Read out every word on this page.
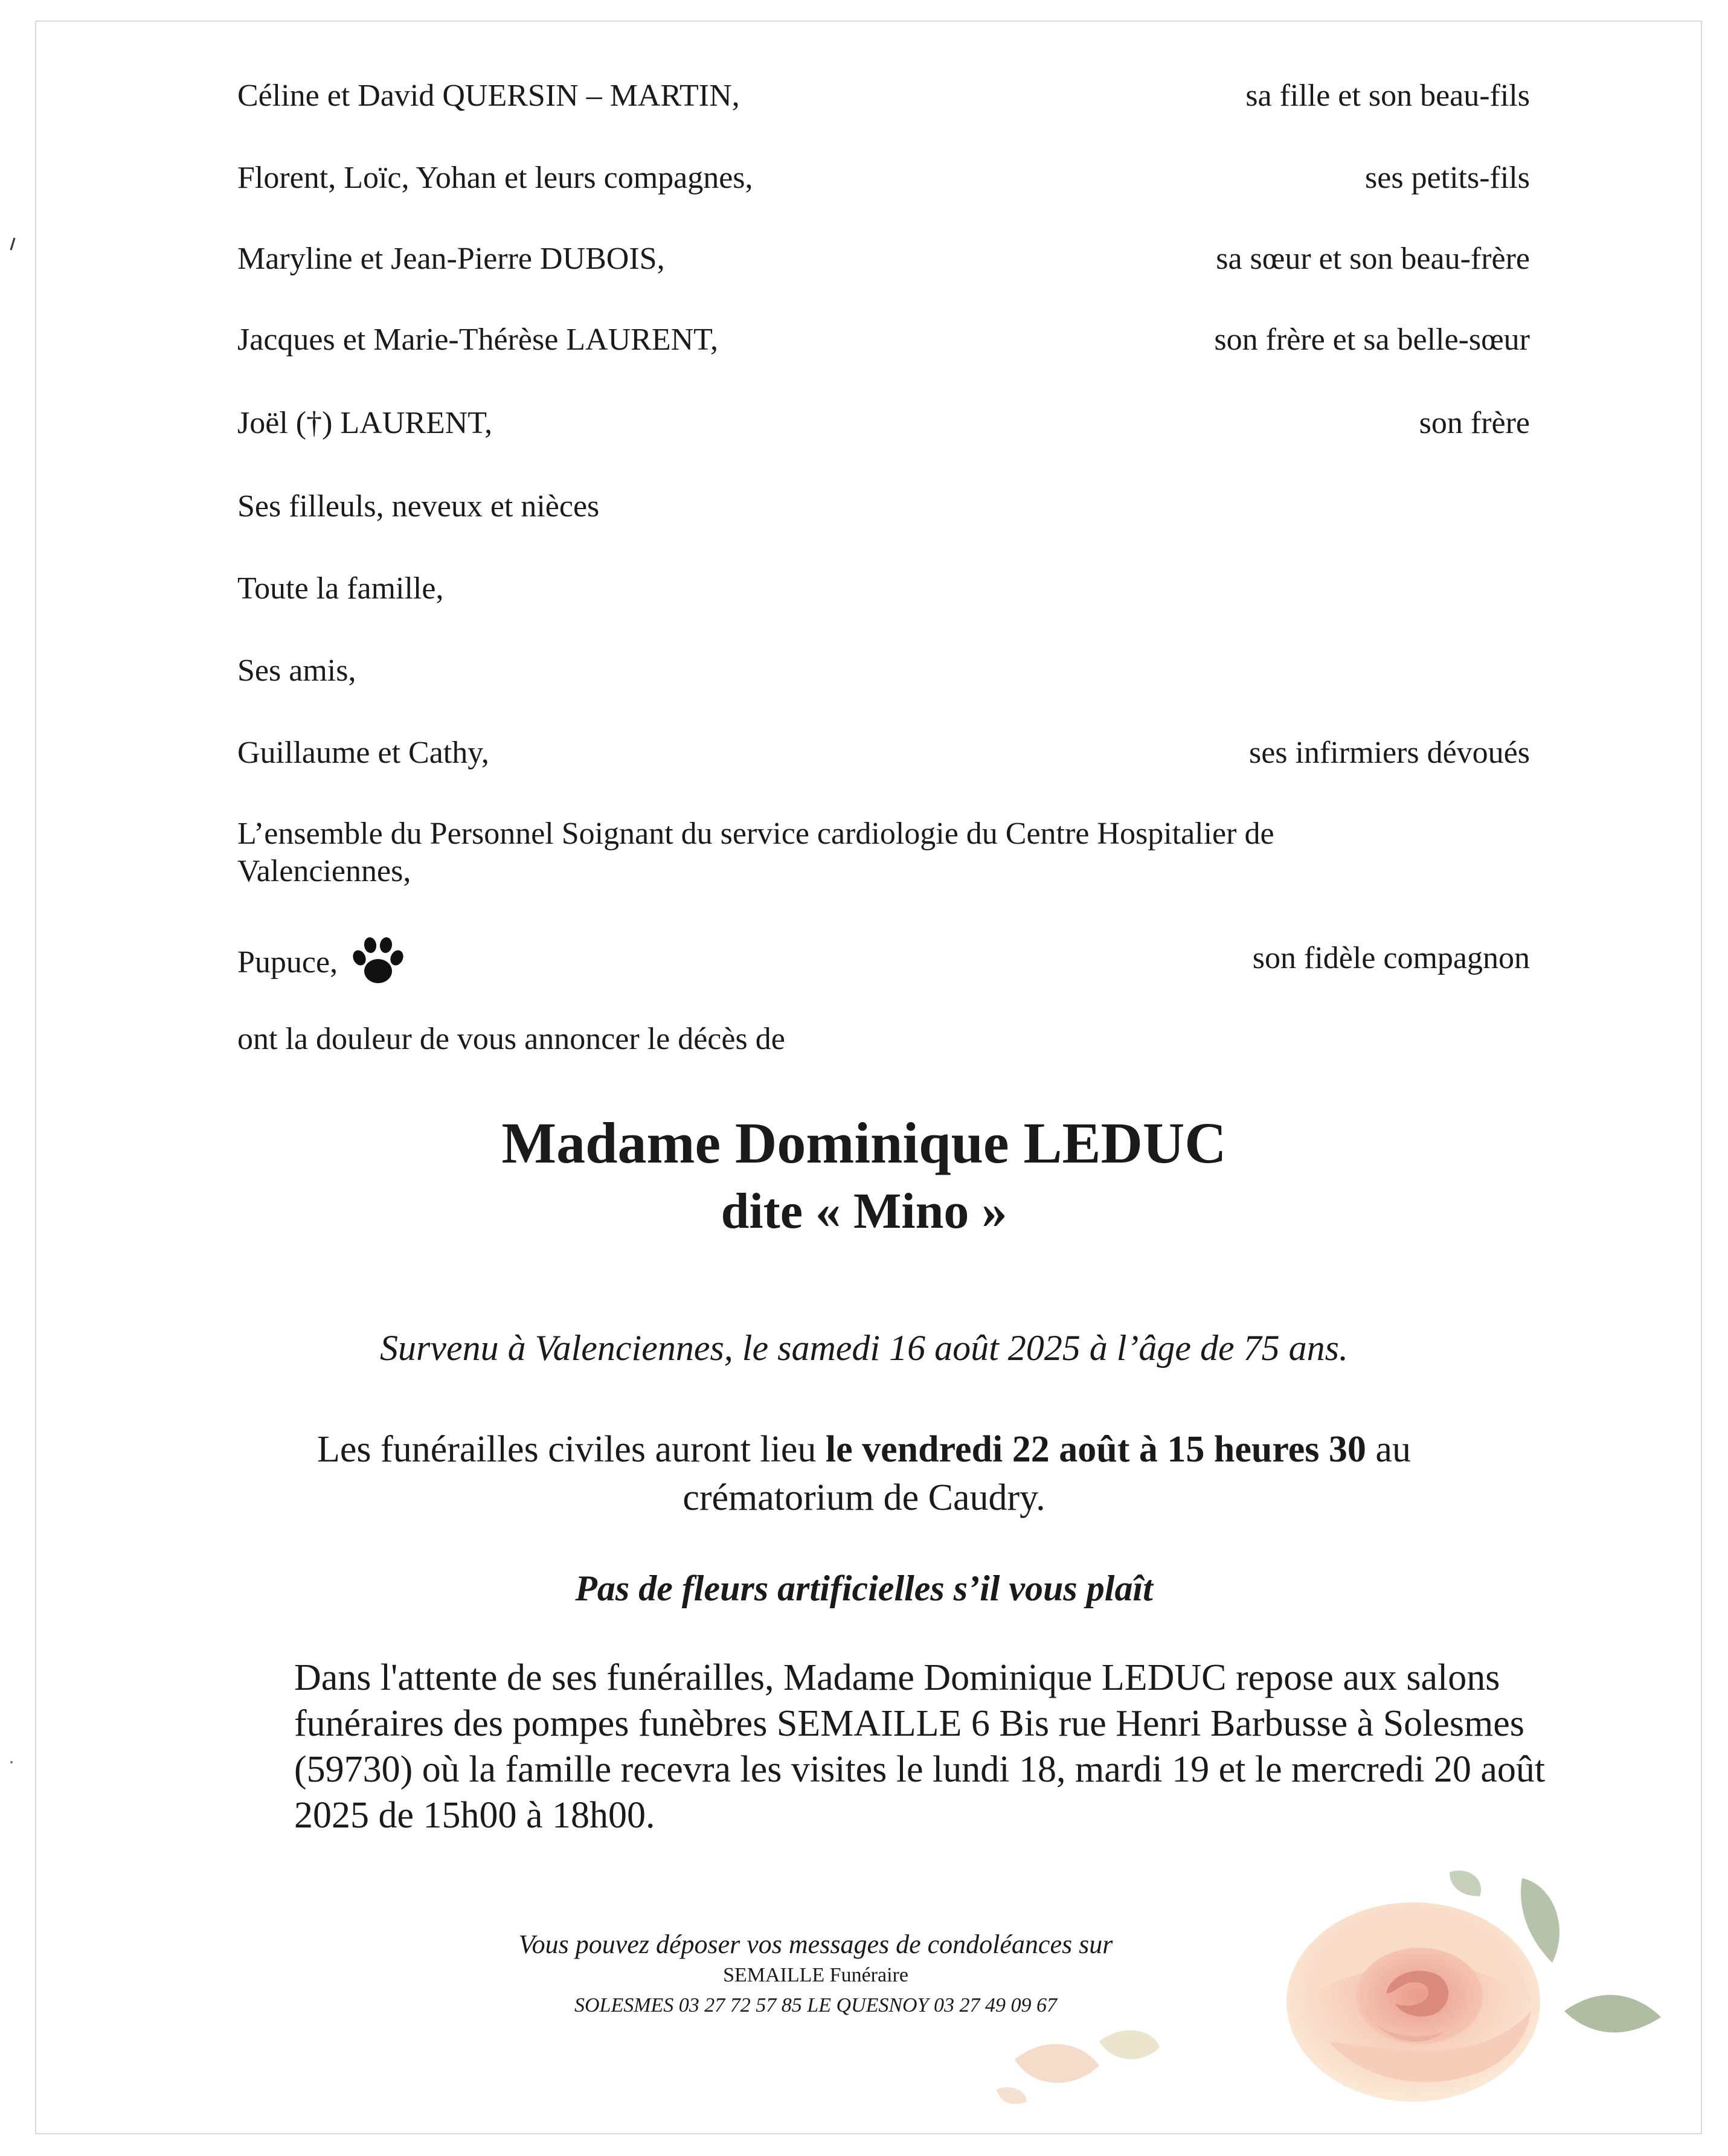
Céline et David QUERSIN – MARTIN,	sa fille et son beau-fils
Florent, Loïc, Yohan et leurs compagnes,	ses petits-fils
Maryline et Jean-Pierre DUBOIS,	sa sœur et son beau-frère
Jacques et Marie-Thérèse LAURENT,	son frère et sa belle-sœur
Joël (†) LAURENT,	son frère
Ses filleuls, neveux et nièces
Toute la famille,
Ses amis,
Guillaume et Cathy,	ses infirmiers dévoués
L’ensemble du Personnel Soignant du service cardiologie du Centre Hospitalier de Valenciennes,
Pupuce,	son fidèle compagnon
ont la douleur de vous annoncer le décès de
Madame Dominique LEDUC
dite « Mino »
Survenu à Valenciennes, le samedi 16 août 2025 à l’âge de 75 ans.
Les funérailles civiles auront lieu le vendredi 22 août à 15 heures 30 au
crématorium de Caudry.
Pas de fleurs artificielles s’il vous plaît
Dans l'attente de ses funérailles, Madame Dominique LEDUC repose aux salons funéraires des pompes funèbres SEMAILLE 6 Bis rue Henri Barbusse à Solesmes (59730) où la famille recevra les visites le lundi 18, mardi 19 et le mercredi 20 août 2025 de 15h00 à 18h00.
Vous pouvez déposer vos messages de condoléances sur
SEMAILLE Funéraire
SOLESMES 03 27 72 57 85 LE QUESNOY 03 27 49 09 67
